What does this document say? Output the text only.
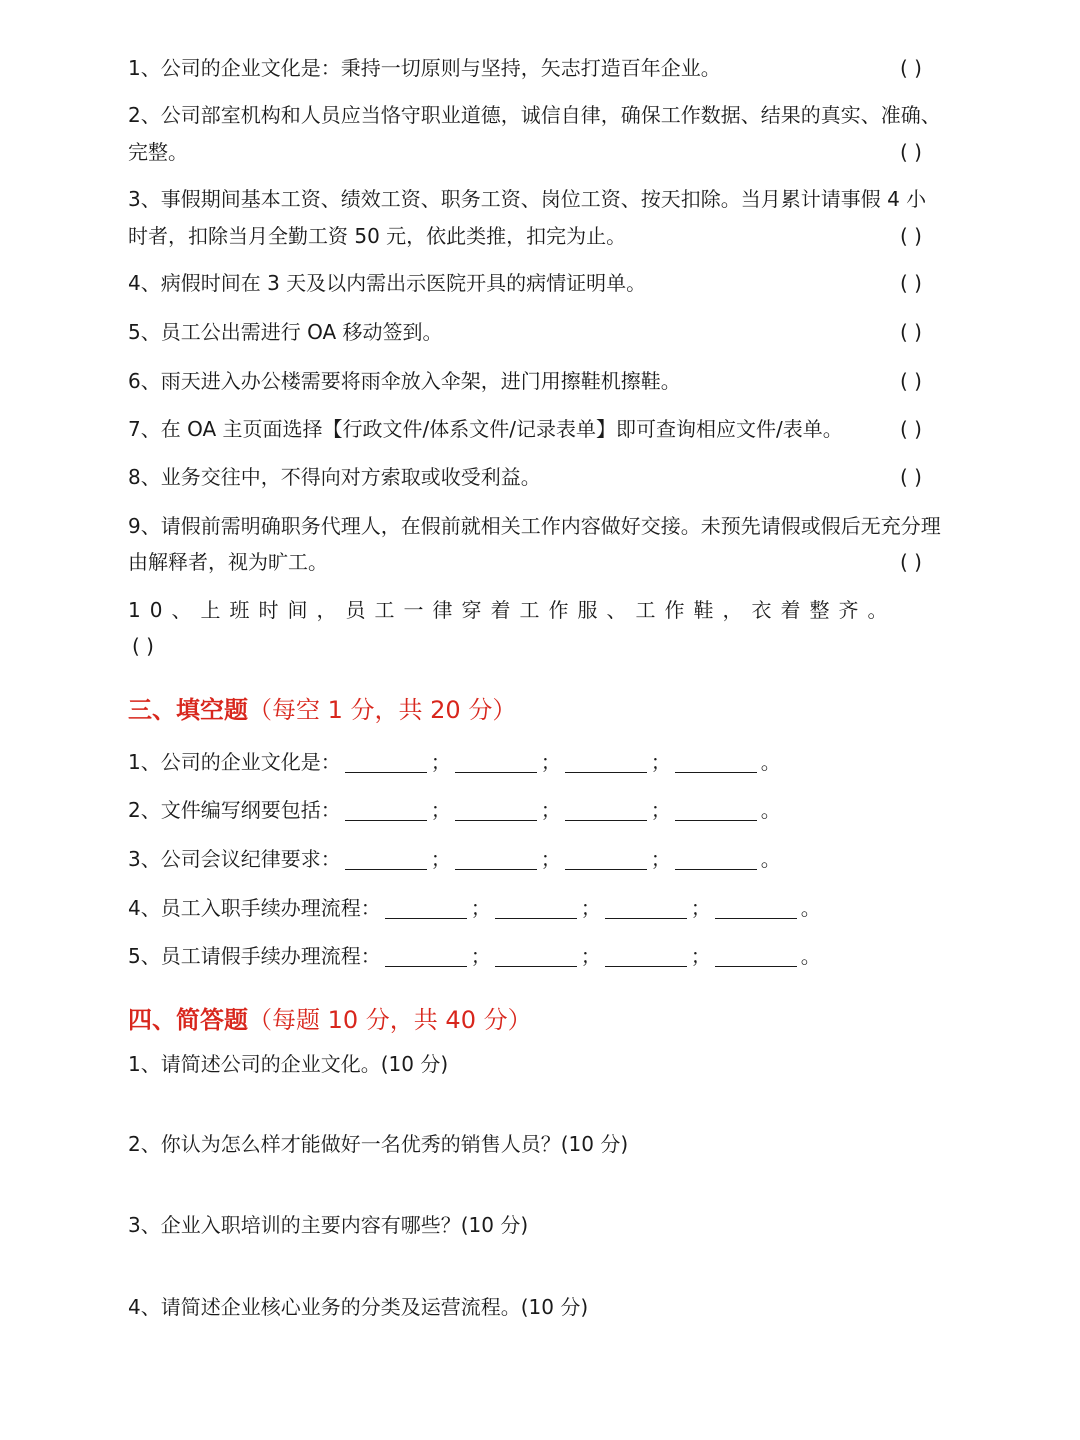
1、公司的企业文化是：秉持一切原则与坚持，矢志打造百年企业。	( )
2、公司部室机构和人员应当恪守职业道德，诚信自律，确保工作数据、结果的真实、准确、
完整。	( )
3、事假期间基本工资、绩效工资、职务工资、岗位工资、按天扣除。当月累计请事假 4 小
时者，扣除当月全勤工资 50 元，依此类推，扣完为止。	( )
4、病假时间在 3 天及以内需出示医院开具的病情证明单。	( )
5、员工公出需进行 OA 移动签到。	( )
6、雨天进入办公楼需要将雨伞放入伞架，进门用擦鞋机擦鞋。	( )
7、在 OA 主页面选择【行政文件/体系文件/记录表单】即可查询相应文件/表单。	( )
8、业务交往中，不得向对方索取或收受利益。	( )
9、请假前需明确职务代理人，在假前就相关工作内容做好交接。未预先请假或假后无充分理
由解释者，视为旷工。	( )
10、上班时间，员工一律穿着工作服、工作鞋，衣着整齐。
( )
三、填空题（每空 1 分，共 20 分）
1、公司的企业文化是：	；	；	；	。
2、文件编写纲要包括：	；	；	；	。
3、公司会议纪律要求：	；	；	；	。
4、员工入职手续办理流程：	；	；	；	。
5、员工请假手续办理流程：	；	；	；	。
四、简答题（每题 10 分，共 40 分）
1、请简述公司的企业文化。(10 分)
2、你认为怎么样才能做好一名优秀的销售人员？(10 分)
3、企业入职培训的主要内容有哪些？(10 分)
4、请简述企业核心业务的分类及运营流程。(10 分)
